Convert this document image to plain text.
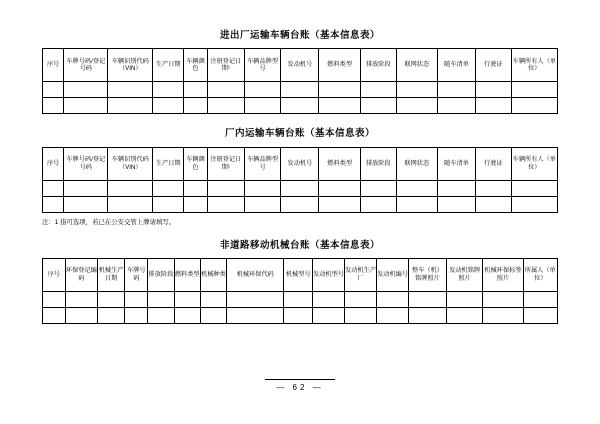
进出厂运输车辆台账（基本信息表）
序号	车牌号码/登记号码	车辆识别代码（VIN）	生产日期	车辆颜色	注册登记日期¹	车辆品牌型号	发动机号	燃料类型	排放阶段	联网状态	随车清单	行驶证	车辆所有人（单位）

厂内运输车辆台账（基本信息表）
序号	车牌号码/登记号码	车辆识别代码（VIN）	生产日期	车辆颜色	注册登记日期¹	车辆品牌型号	发动机号	燃料类型	排放阶段	联网状态	随车清单	行驶证	车辆所有人（单位）

注：1 指可选项，若已在公安交管上牌请填写。

非道路移动机械台账（基本信息表）
序号	环保登记编码	机械生产日期	车牌号码	排放阶段	燃料类型	机械种类	机械环保代码	机械型号	发动机型号	发动机生产厂	发动机编号	整车（机）铭牌照片	发动机铭牌照片	机械环保标签照片	所属人（单位）

— 62 —
